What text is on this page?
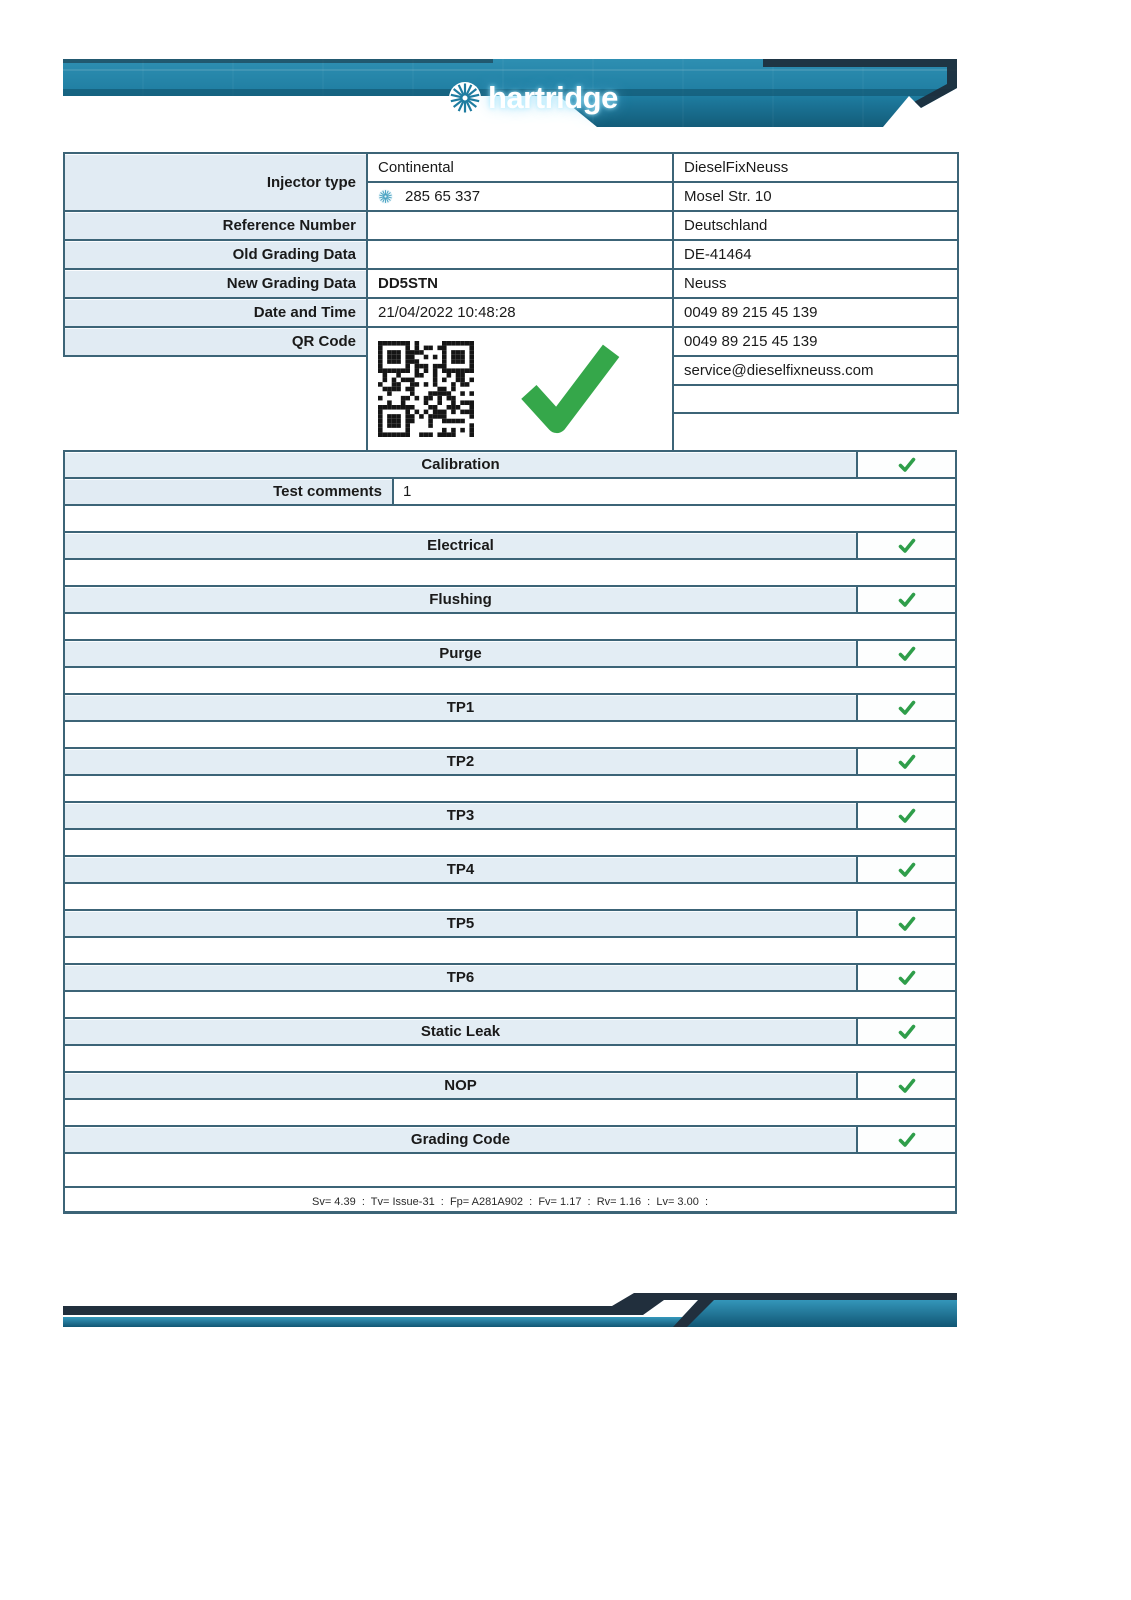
hartridge
Injector type	Continental	DieselFixNeuss

	285 65 337	Mosel Str. 10
Reference Number		Deutschland
Old Grading Data		DE-41464
New Grading Data	DD5STN	Neuss
Date and Time	21/04/2022 10:48:28	0049 89 215 45 139
QR Code		0049 89 215 45 139
		service@dieselfixneuss.com

Calibration
Test comments	1
Electrical
Flushing
Purge
TP1
TP2
TP3
TP4
TP5
TP6
Static Leak
NOP
Grading Code
Sv= 4.39  :  Tv= Issue-31  :  Fp= A281A902  :  Fv= 1.17  :  Rv= 1.16  :  Lv= 3.00  :
